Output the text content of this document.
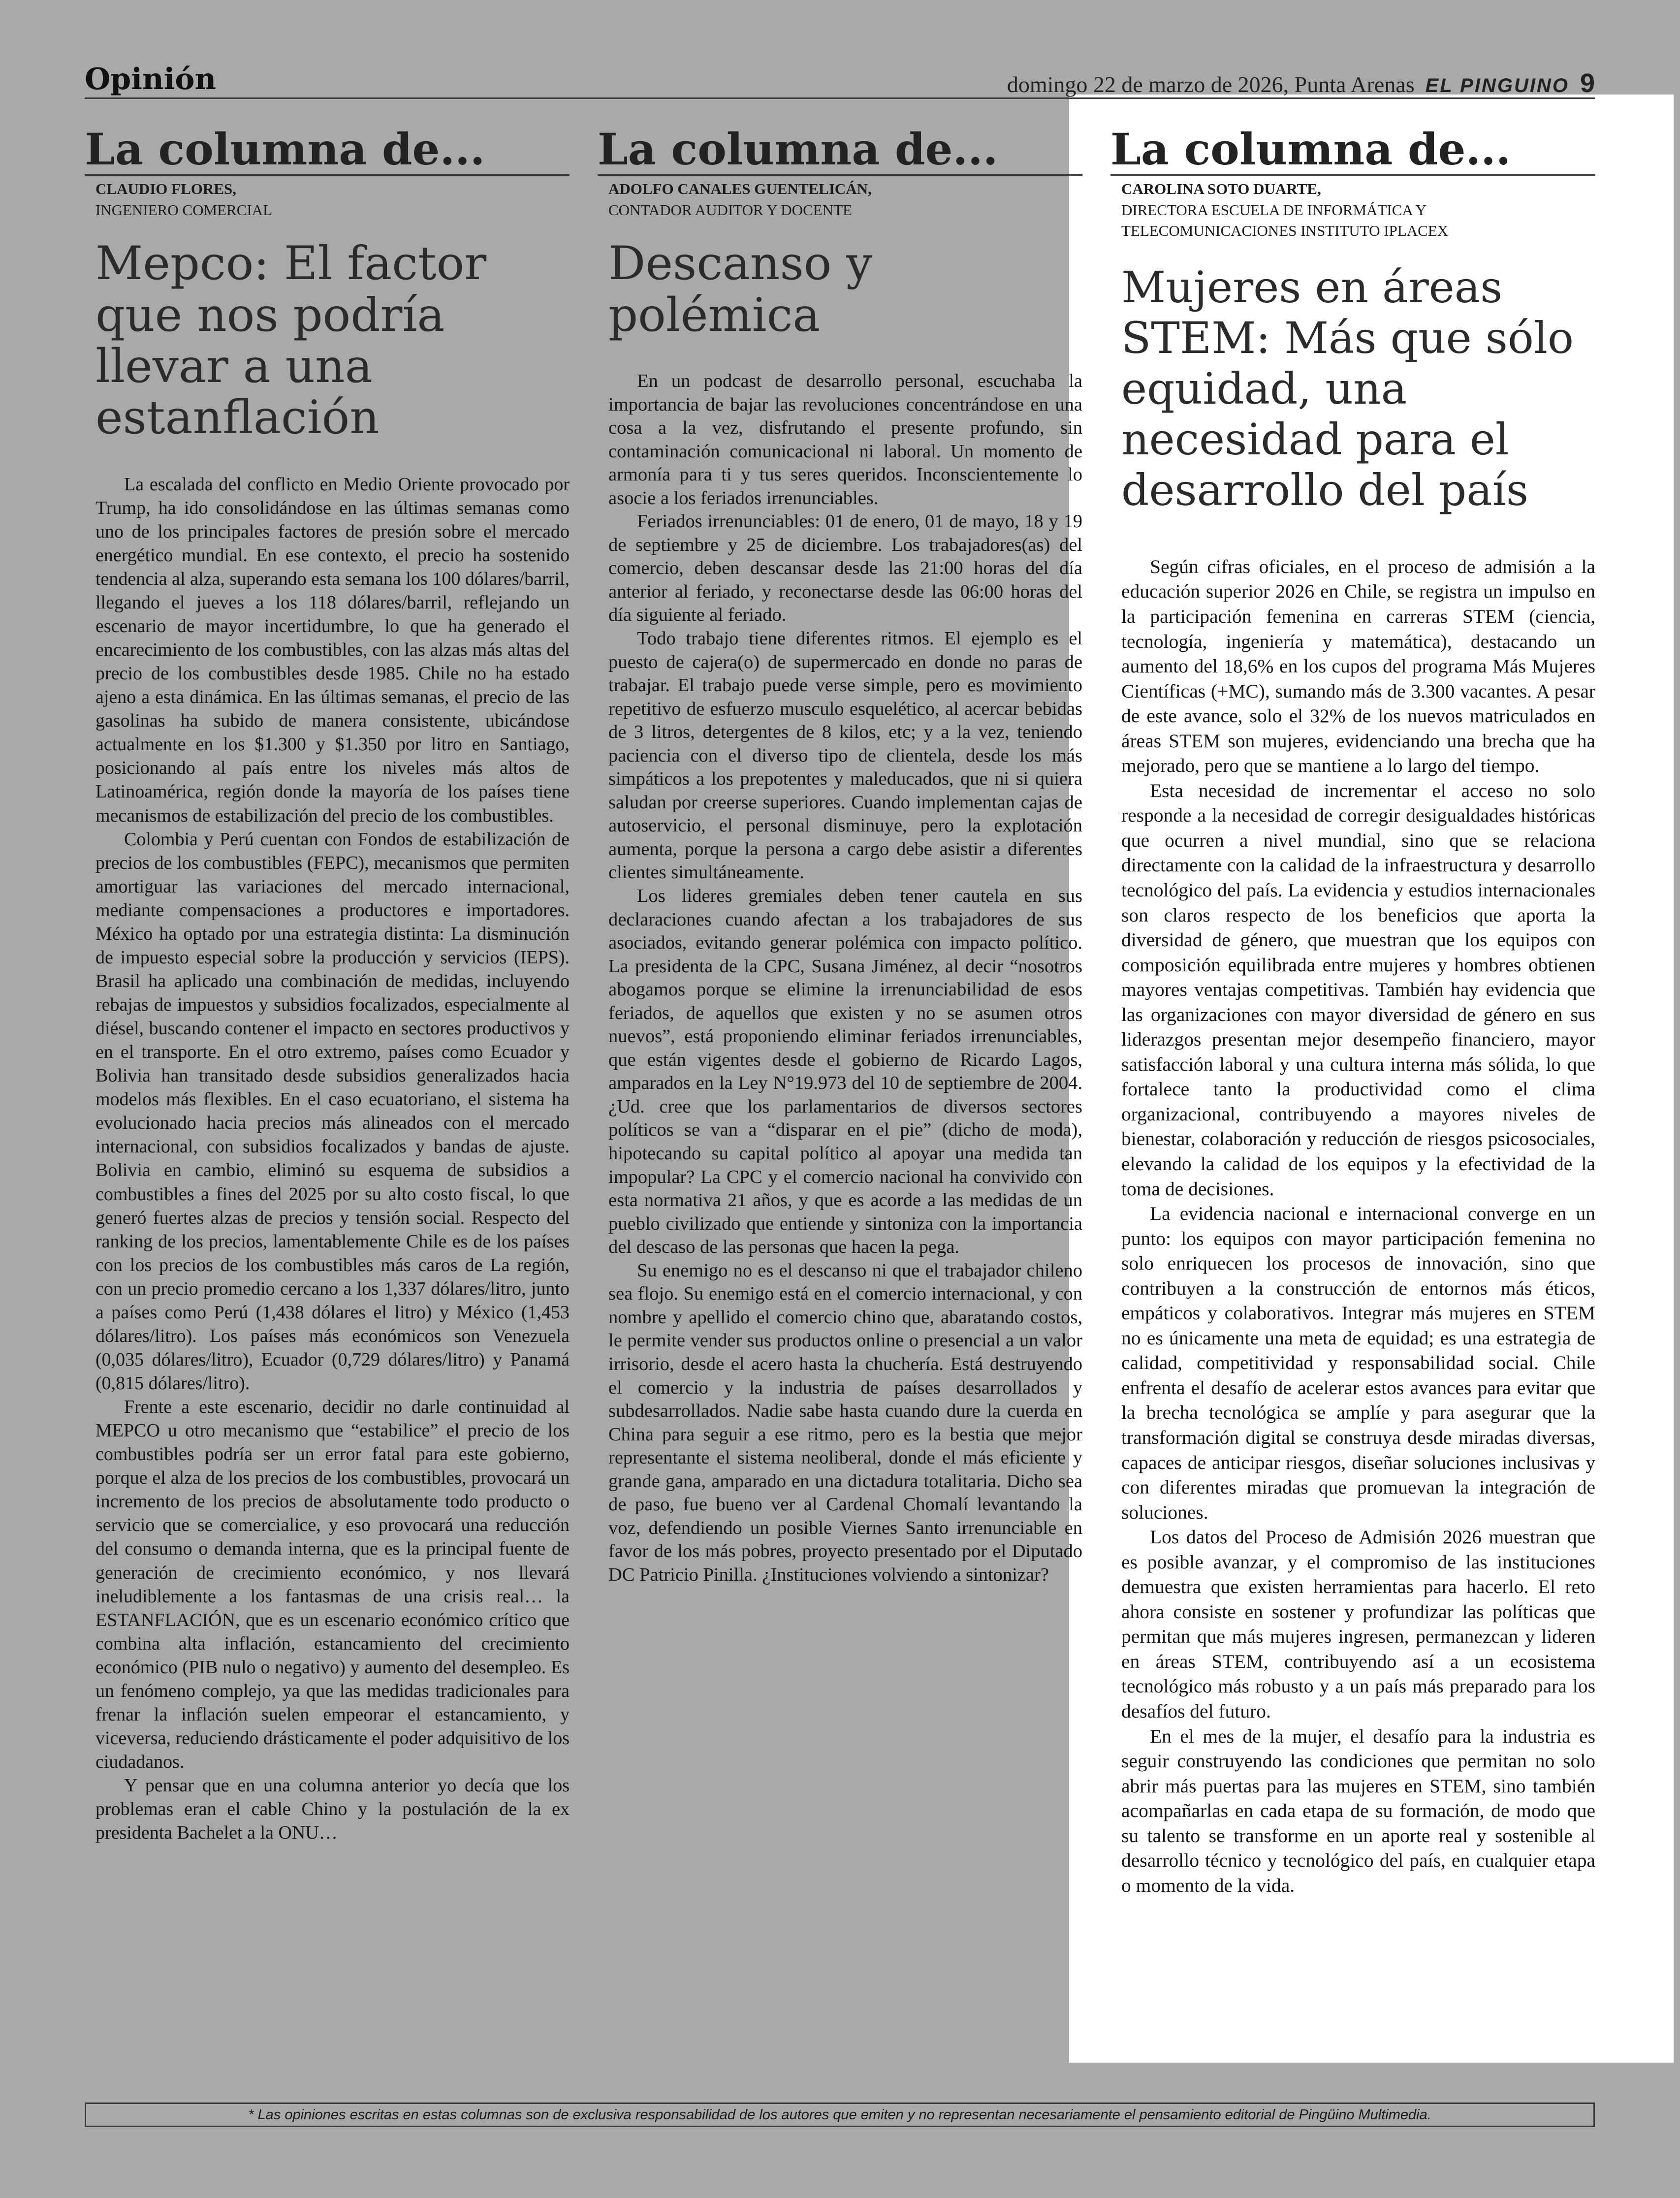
Opinión	domingo 22 de marzo de 2026, Punta Arenas EL PINGUINO 9
La columna de...
CLAUDIO FLORES,
INGENIERO COMERCIAL
Mepco: El factor que nos podría llevar a una estanflación

La escalada del conflicto en Medio Oriente provocado por Trump, ha ido consolidándose en las últimas semanas como uno de los principales factores de presión sobre el mercado energético mundial. En ese contexto, el precio ha sostenido tendencia al alza, superando esta semana los 100 dólares/barril, llegando el jueves a los 118 dólares/barril, reflejando un escenario de mayor incertidumbre, lo que ha generado el encarecimiento de los combustibles, con las alzas más altas del precio de los combustibles desde 1985. Chile no ha estado ajeno a esta dinámica. En las últimas semanas, el precio de las gasolinas ha subido de manera consistente, ubicándose actualmente en los $1.300 y $1.350 por litro en Santiago, posicionando al país entre los niveles más altos de Latinoamérica, región donde la mayoría de los países tiene mecanismos de estabilización del precio de los combustibles.

Colombia y Perú cuentan con Fondos de estabilización de precios de los combustibles (FEPC), mecanismos que permiten amortiguar las variaciones del mercado internacional, mediante compensaciones a productores e importadores. México ha optado por una estrategia distinta: La disminución de impuesto especial sobre la producción y servicios (IEPS). Brasil ha aplicado una combinación de medidas, incluyendo rebajas de impuestos y subsidios focalizados, especialmente al diésel, buscando contener el impacto en sectores productivos y en el transporte. En el otro extremo, países como Ecuador y Bolivia han transitado desde subsidios generalizados hacia modelos más flexibles. En el caso ecuatoriano, el sistema ha evolucionado hacia precios más alineados con el mercado internacional, con subsidios focalizados y bandas de ajuste. Bolivia en cambio, eliminó su esquema de subsidios a combustibles a fines del 2025 por su alto costo fiscal, lo que generó fuertes alzas de precios y tensión social. Respecto del ranking de los precios, lamentablemente Chile es de los países con los precios de los combustibles más caros de La región, con un precio promedio cercano a los 1,337 dólares/litro, junto a países como Perú (1,438 dólares el litro) y México (1,453 dólares/litro). Los países más económicos son Venezuela (0,035 dólares/litro), Ecuador (0,729 dólares/litro) y Panamá (0,815 dólares/litro).

Frente a este escenario, decidir no darle continuidad al MEPCO u otro mecanismo que “estabilice” el precio de los combustibles podría ser un error fatal para este gobierno, porque el alza de los precios de los combustibles, provocará un incremento de los precios de absolutamente todo producto o servicio que se comercialice, y eso provocará una reducción del consumo o demanda interna, que es la principal fuente de generación de crecimiento económico, y nos llevará ineludiblemente a los fantasmas de una crisis real… la ESTANFLACIÓN, que es un escenario económico crítico que combina alta inflación, estancamiento del crecimiento económico (PIB nulo o negativo) y aumento del desempleo. Es un fenómeno complejo, ya que las medidas tradicionales para frenar la inflación suelen empeorar el estancamiento, y viceversa, reduciendo drásticamente el poder adquisitivo de los ciudadanos.

Y pensar que en una columna anterior yo decía que los problemas eran el cable Chino y la postulación de la ex presidenta Bachelet a la ONU…

La columna de...
ADOLFO CANALES GUENTELICÁN,
CONTADOR AUDITOR Y DOCENTE
Descanso y polémica

En un podcast de desarrollo personal, escuchaba la importancia de bajar las revoluciones concentrándose en una cosa a la vez, disfrutando el presente profundo, sin contaminación comunicacional ni laboral. Un momento de armonía para ti y tus seres queridos. Inconscientemente lo asocie a los feriados irrenunciables.

Feriados irrenunciables: 01 de enero, 01 de mayo, 18 y 19 de septiembre y 25 de diciembre. Los trabajadores(as) del comercio, deben descansar desde las 21:00 horas del día anterior al feriado, y reconectarse desde las 06:00 horas del día siguiente al feriado.

Todo trabajo tiene diferentes ritmos. El ejemplo es el puesto de cajera(o) de supermercado en donde no paras de trabajar. El trabajo puede verse simple, pero es movimiento repetitivo de esfuerzo musculo esquelético, al acercar bebidas de 3 litros, detergentes de 8 kilos, etc; y a la vez, teniendo paciencia con el diverso tipo de clientela, desde los más simpáticos a los prepotentes y maleducados, que ni si quiera saludan por creerse superiores. Cuando implementan cajas de autoservicio, el personal disminuye, pero la explotación aumenta, porque la persona a cargo debe asistir a diferentes clientes simultáneamente.

Los lideres gremiales deben tener cautela en sus declaraciones cuando afectan a los trabajadores de sus asociados, evitando generar polémica con impacto político. La presidenta de la CPC, Susana Jiménez, al decir “nosotros abogamos porque se elimine la irrenunciabilidad de esos feriados, de aquellos que existen y no se asumen otros nuevos”, está proponiendo eliminar feriados irrenunciables, que están vigentes desde el gobierno de Ricardo Lagos, amparados en la Ley N°19.973 del 10 de septiembre de 2004. ¿Ud. cree que los parlamentarios de diversos sectores políticos se van a “disparar en el pie” (dicho de moda), hipotecando su capital político al apoyar una medida tan impopular? La CPC y el comercio nacional ha convivido con esta normativa 21 años, y que es acorde a las medidas de un pueblo civilizado que entiende y sintoniza con la importancia del descaso de las personas que hacen la pega.

Su enemigo no es el descanso ni que el trabajador chileno sea flojo. Su enemigo está en el comercio internacional, y con nombre y apellido el comercio chino que, abaratando costos, le permite vender sus productos online o presencial a un valor irrisorio, desde el acero hasta la chuchería. Está destruyendo el comercio y la industria de países desarrollados y subdesarrollados. Nadie sabe hasta cuando dure la cuerda en China para seguir a ese ritmo, pero es la bestia que mejor representante el sistema neoliberal, donde el más eficiente y grande gana, amparado en una dictadura totalitaria. Dicho sea de paso, fue bueno ver al Cardenal Chomalí levantando la voz, defendiendo un posible Viernes Santo irrenunciable en favor de los más pobres, proyecto presentado por el Diputado DC Patricio Pinilla. ¿Instituciones volviendo a sintonizar?

La columna de...
CAROLINA SOTO DUARTE,
DIRECTORA ESCUELA DE INFORMÁTICA Y TELECOMUNICACIONES INSTITUTO IPLACEX
Mujeres en áreas STEM: Más que sólo equidad, una necesidad para el desarrollo del país

Según cifras oficiales, en el proceso de admisión a la educación superior 2026 en Chile, se registra un impulso en la participación femenina en carreras STEM (ciencia, tecnología, ingeniería y matemática), destacando un aumento del 18,6% en los cupos del programa Más Mujeres Científicas (+MC), sumando más de 3.300 vacantes. A pesar de este avance, solo el 32% de los nuevos matriculados en áreas STEM son mujeres, evidenciando una brecha que ha mejorado, pero que se mantiene a lo largo del tiempo.

Esta necesidad de incrementar el acceso no solo responde a la necesidad de corregir desigualdades históricas que ocurren a nivel mundial, sino que se relaciona directamente con la calidad de la infraestructura y desarrollo tecnológico del país. La evidencia y estudios internacionales son claros respecto de los beneficios que aporta la diversidad de género, que muestran que los equipos con composición equilibrada entre mujeres y hombres obtienen mayores ventajas competitivas. También hay evidencia que las organizaciones con mayor diversidad de género en sus liderazgos presentan mejor desempeño financiero, mayor satisfacción laboral y una cultura interna más sólida, lo que fortalece tanto la productividad como el clima organizacional, contribuyendo a mayores niveles de bienestar, colaboración y reducción de riesgos psicosociales, elevando la calidad de los equipos y la efectividad de la toma de decisiones.

La evidencia nacional e internacional converge en un punto: los equipos con mayor participación femenina no solo enriquecen los procesos de innovación, sino que contribuyen a la construcción de entornos más éticos, empáticos y colaborativos. Integrar más mujeres en STEM no es únicamente una meta de equidad; es una estrategia de calidad, competitividad y responsabilidad social. Chile enfrenta el desafío de acelerar estos avances para evitar que la brecha tecnológica se amplíe y para asegurar que la transformación digital se construya desde miradas diversas, capaces de anticipar riesgos, diseñar soluciones inclusivas y con diferentes miradas que promuevan la integración de soluciones.

Los datos del Proceso de Admisión 2026 muestran que es posible avanzar, y el compromiso de las instituciones demuestra que existen herramientas para hacerlo. El reto ahora consiste en sostener y profundizar las políticas que permitan que más mujeres ingresen, permanezcan y lideren en áreas STEM, contribuyendo así a un ecosistema tecnológico más robusto y a un país más preparado para los desafíos del futuro.

En el mes de la mujer, el desafío para la industria es seguir construyendo las condiciones que permitan no solo abrir más puertas para las mujeres en STEM, sino también acompañarlas en cada etapa de su formación, de modo que su talento se transforme en un aporte real y sostenible al desarrollo técnico y tecnológico del país, en cualquier etapa o momento de la vida.

* Las opiniones escritas en estas columnas son de exclusiva responsabilidad de los autores que emiten y no representan necesariamente el pensamiento editorial de Pingüino Multimedia.
